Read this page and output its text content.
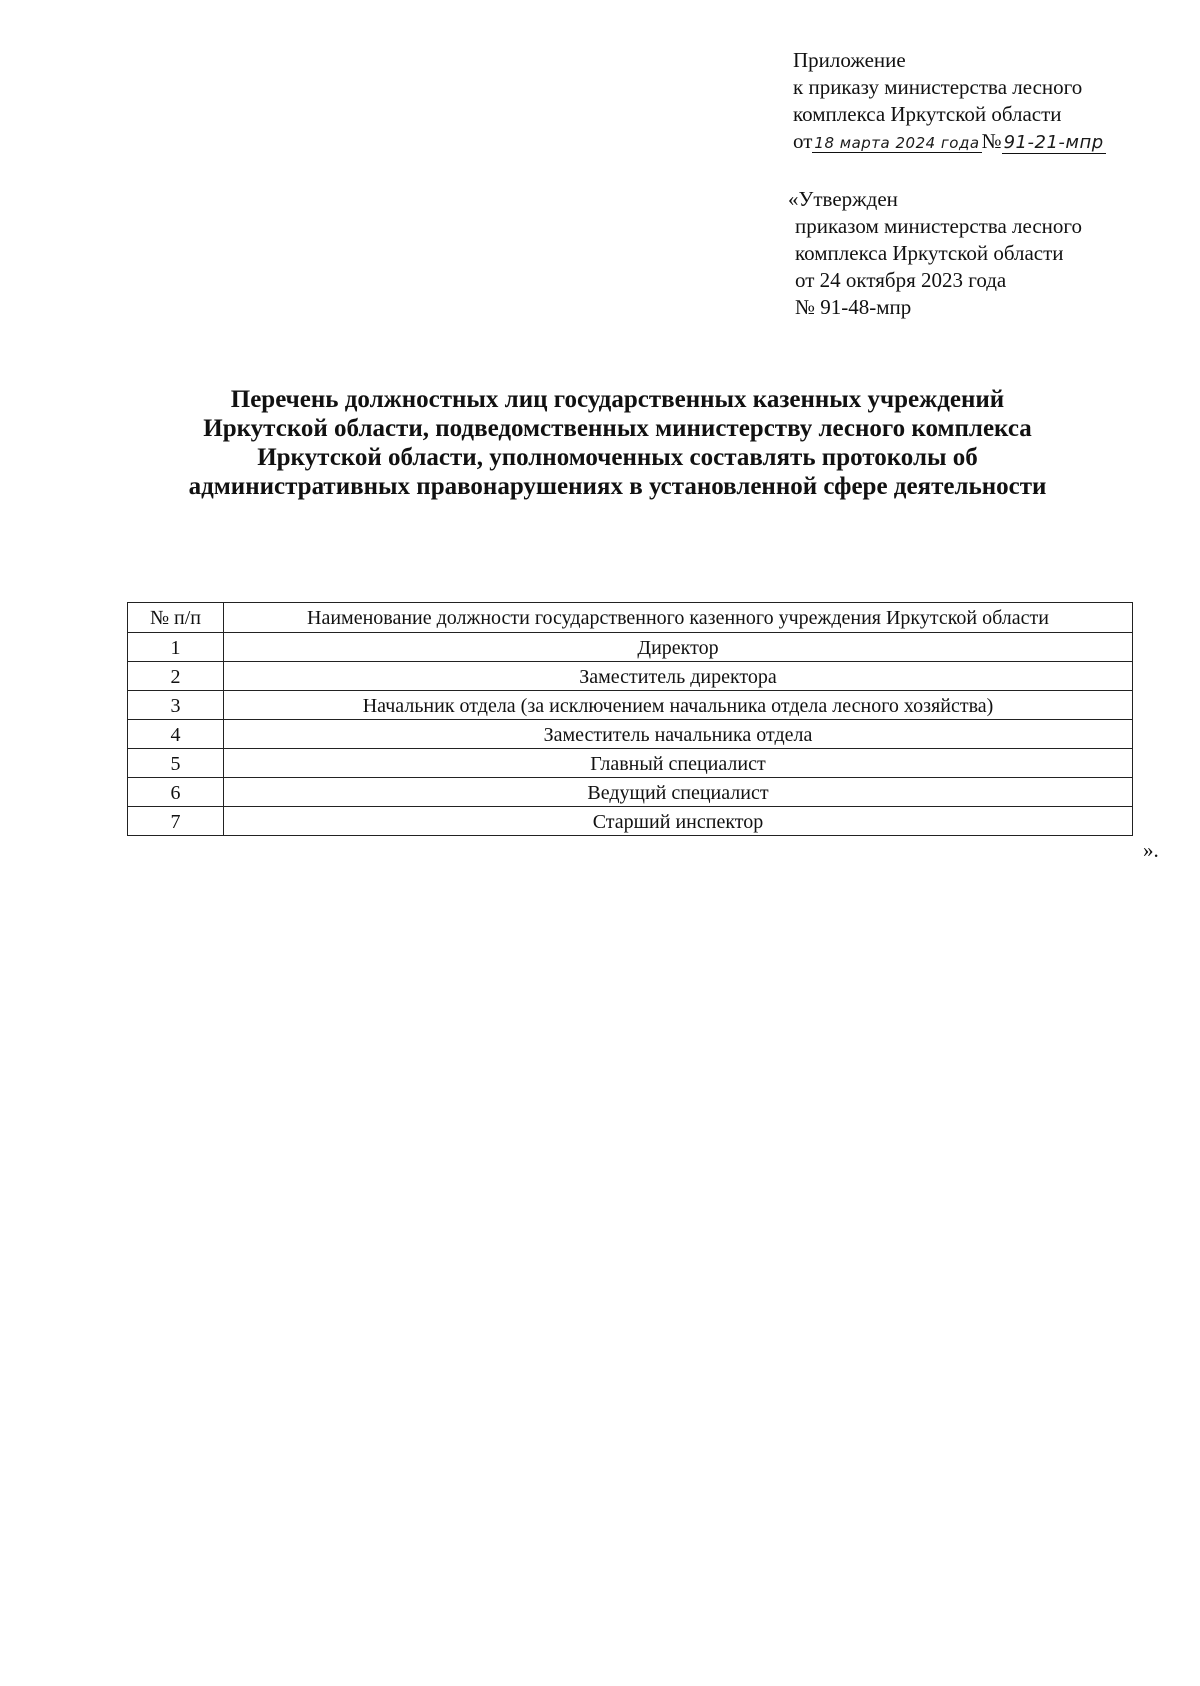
Приложение
к приказу министерства лесного
комплекса Иркутской области
от 18 марта 2024 года№ 91-21-мпр
«Утвержден
приказом министерства лесного
комплекса Иркутской области
от 24 октября 2023 года
№ 91-48-мпр
Перечень должностных лиц государственных казенных учреждений
Иркутской области, подведомственных министерству лесного комплекса
Иркутской области, уполномоченных составлять протоколы об
административных правонарушениях в установленной сфере деятельности
№ п/п	Наименование должности государственного казенного учреждения Иркутской области
1	Директор
2	Заместитель директора
3	Начальник отдела (за исключением начальника отдела лесного хозяйства)
4	Заместитель начальника отдела
5	Главный специалист
6	Ведущий специалист
7	Старший инспектор
».
